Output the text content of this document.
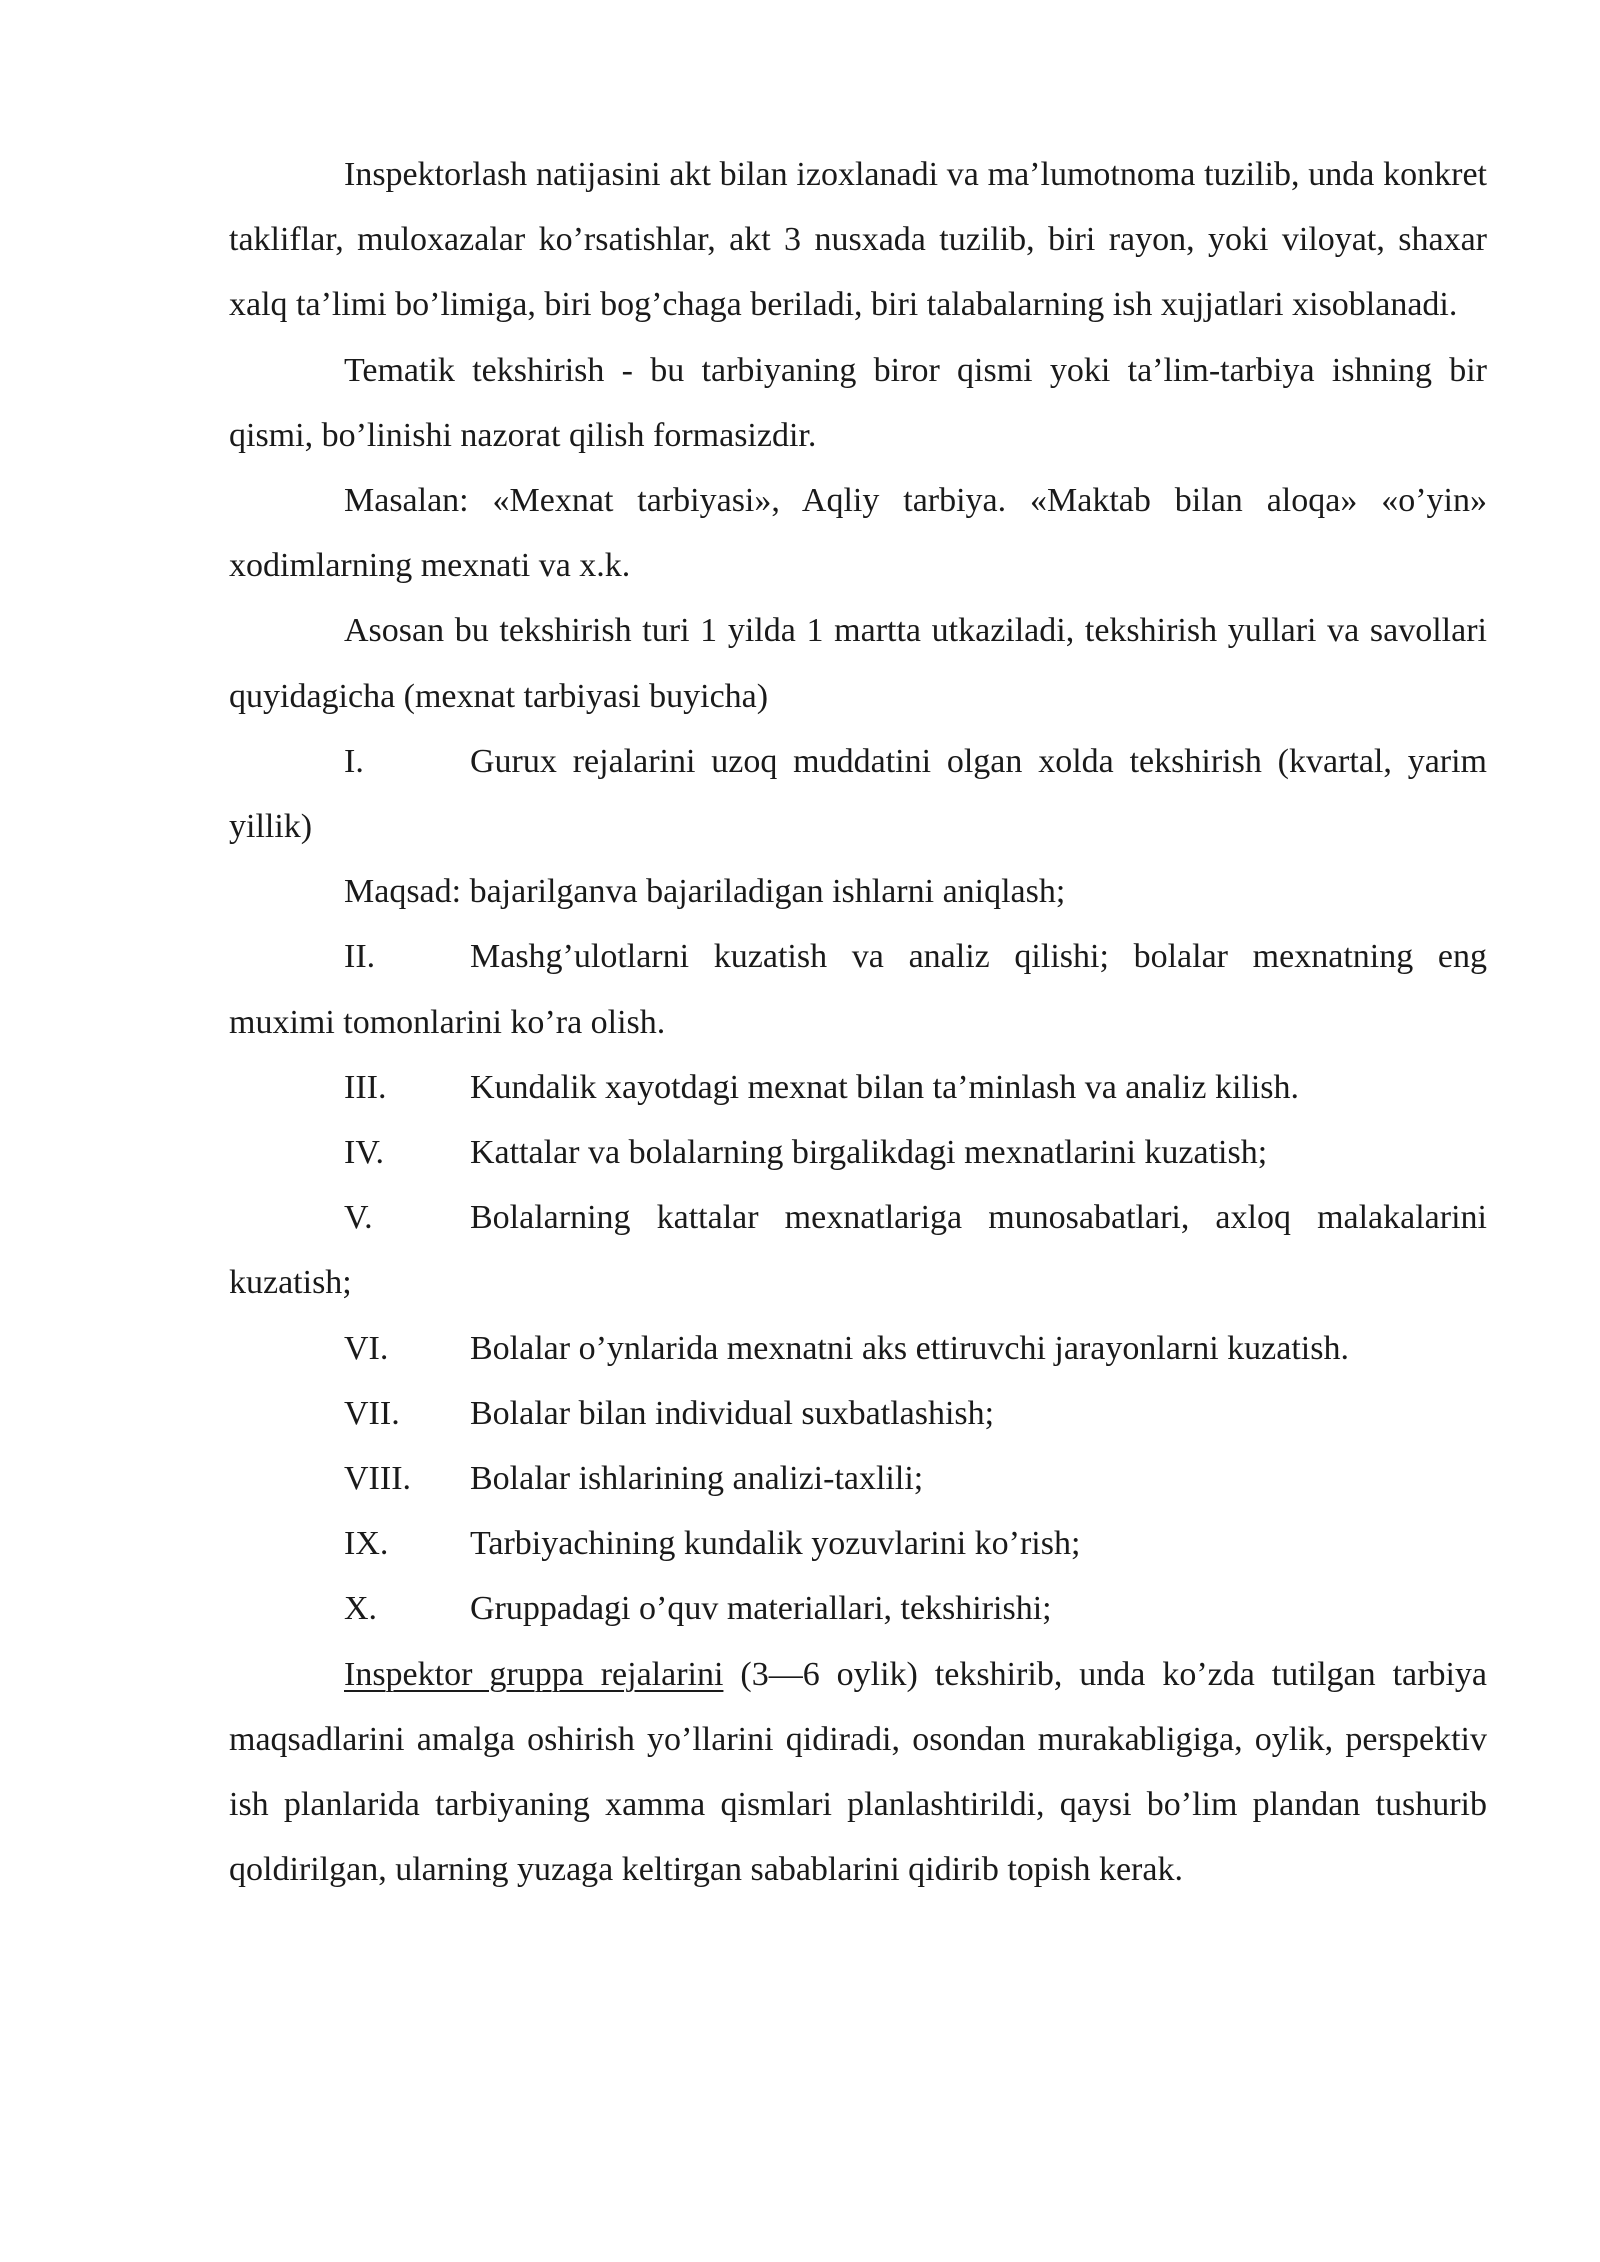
Inspektorlash natijasini akt bilan izoxlanadi va ma’lumotnoma tuzilib, unda konkret takliflar, muloxazalar ko’rsatishlar, akt 3 nusxada tuzilib, biri rayon, yoki viloyat, shaxar xalq ta’limi bo’limiga, biri bog’chaga beriladi, biri talabalarning ish xujjatlari xisoblanadi.

Tematik tekshirish - bu tarbiyaning biror qismi yoki ta’lim-tarbiya ishning bir qismi, bo’linishi nazorat qilish formasizdir.

Masalan: «Mexnat tarbiyasi», Aqliy tarbiya. «Maktab bilan aloqa» «o’yin» xodimlarning mexnati va x.k.

Asosan bu tekshirish turi 1 yilda 1 martta utkaziladi, tekshirish yullari va savollari quyidagicha (mexnat tarbiyasi buyicha)

I.	Gurux rejalarini uzoq muddatini olgan xolda tekshirish (kvartal, yarim yillik)

Maqsad: bajarilganva bajariladigan ishlarni aniqlash;

II.	Mashg’ulotlarni kuzatish va analiz qilishi; bolalar mexnatning eng muximi tomonlarini ko’ra olish.

III. Kundalik xayotdagi mexnat bilan ta’minlash va analiz kilish.

IV.	Kattalar va bolalarning birgalikdagi mexnatlarini kuzatish;

V.	Bolalarning kattalar mexnatlariga munosabatlari, axloq malakalarini kuzatish;

VI. Bolalar o’ynlarida mexnatni aks ettiruvchi jarayonlarni kuzatish.

VII. Bolalar bilan individual suxbatlashish;

VIII. Bolalar ishlarining analizi-taxlili;

IX. Tarbiyachining kundalik yozuvlarini ko’rish;

X.	Gruppadagi o’quv materiallari, tekshirishi;

Inspektor gruppa rejalarini (3—6 oylik) tekshirib, unda ko’zda tutilgan tarbiya maqsadlarini amalga oshirish yo’llarini qidiradi, osondan murakabligiga, oylik, perspektiv ish planlarida tarbiyaning xamma qismlari planlashtirildi, qaysi bo’lim plandan tushurib qoldirilgan, ularning yuzaga keltirgan sabablarini qidirib topish kerak.
